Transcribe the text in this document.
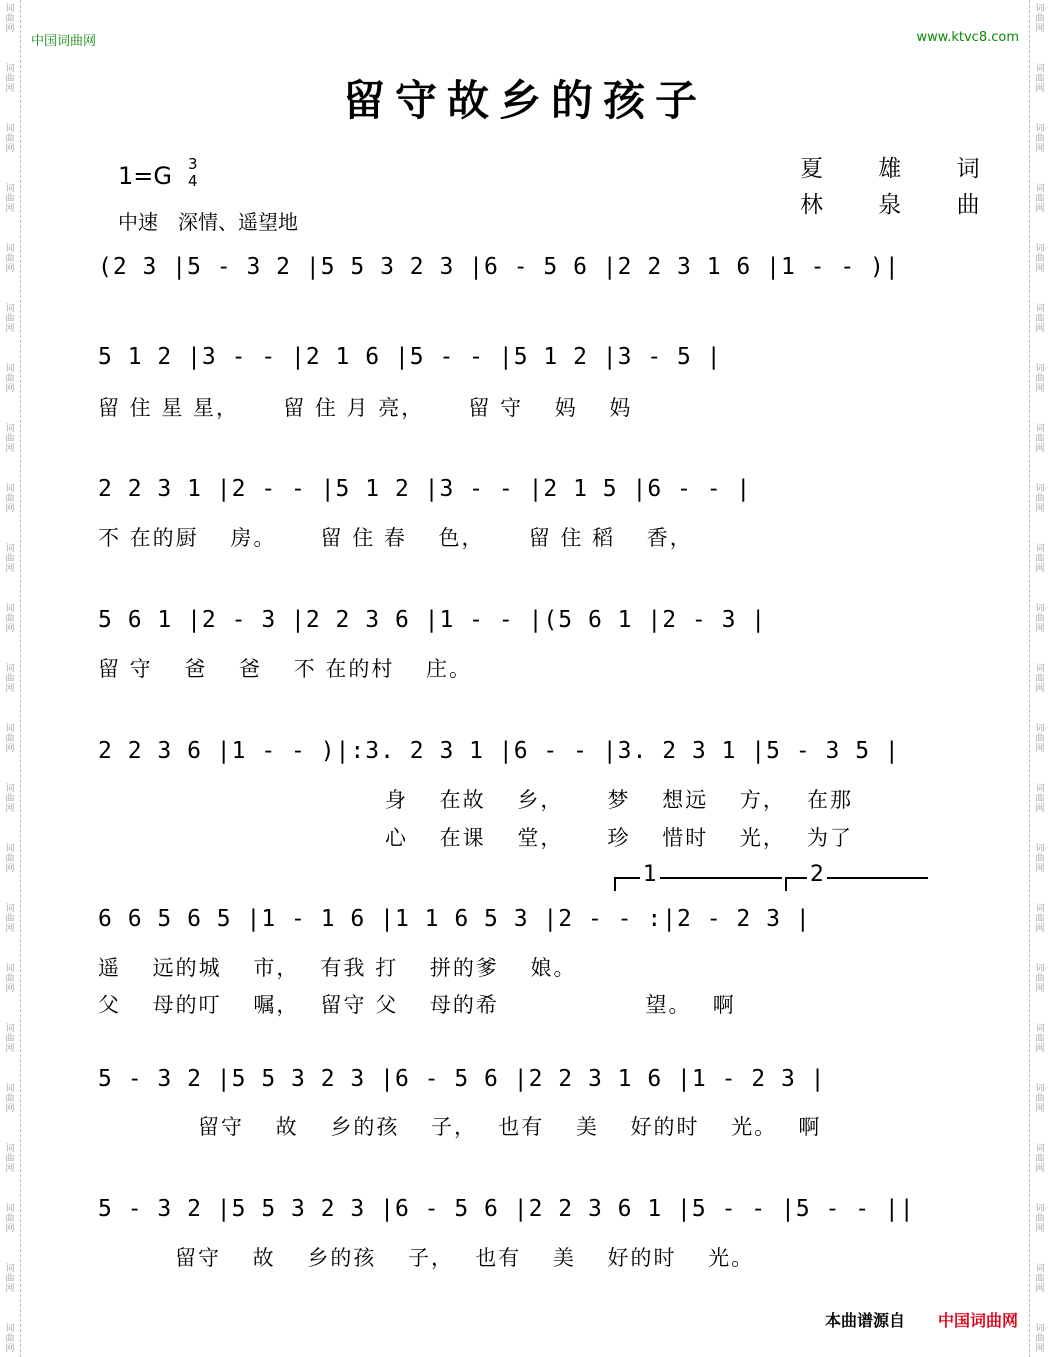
词
曲
网
词
曲
网
词
曲
网
词
曲
网
词
曲
网
词
曲
网
词
曲
网
词
曲
网
词
曲
网
词
曲
网
词
曲
网
词
曲
网
词
曲
网
词
曲
网
词
曲
网
词
曲
网
词
曲
网
词
曲
网
词
曲
网
词
曲
网
词
曲
网
词
曲
网
词
曲
网
词
曲
网
词
曲
网
词
曲
网
词
曲
网
词
曲
网
词
曲
网
词
曲
网
词
曲
网
词
曲
网
词
曲
网
词
曲
网
词
曲
网
词
曲
网
词
曲
网
词
曲
网
词
曲
网
词
曲
网
词
曲
网
词
曲
网
词
曲
网
词
曲
网
词
曲
网
词
曲
网
中国词曲网	www.ktvc8.com
留守故乡的孩子
1=G 3
4
中速　深情、遥望地
夏 雄 词
林 泉 曲
(2 3 |5 - 3 2 |5 5 3 2 3 |6 - 5 6 |2 2 3 1 6 |1 - - )|
5 1 2 |3 - - |2 1 6 |5 - - |5 1 2 |3 - 5 |
留 住 星 星，　　 留 住 月 亮，　　 留 守　 妈　 妈
2 2 3 1 |2 - - |5 1 2 |3 - - |2 1 5 |6 - - |
不 在的厨　 房。　　 留 住 春　 色，　　 留 住 稻　 香，
5 6 1 |2 - 3 |2 2 3 6 |1 - - |(5 6 1 |2 - 3 |
留 守　 爸　 爸　 不 在的村　 庄。
2 2 3 6 |1 - - )|:3. 2 3 1 |6 - - |3. 2 3 1 |5 - 3 5 |
身　 在故　 乡，　　 梦　 想远　 方，　 在那
心　 在课　 堂，　　 珍　 惜时　 光，　 为了
1	2
6 6 5 6 5 |1 - 1 6 |1 1 6 5 3 |2 - - :|2 - 2 3 |
遥　 远的城　 市，　 有我 打　 拼的爹　 娘。
父　 母的叮　 嘱，　 留守 父　 母的希　　　　　　 望。　 啊
5 - 3 2 |5 5 3 2 3 |6 - 5 6 |2 2 3 1 6 |1 - 2 3 |
留守　 故　 乡的孩　 子，　 也有　 美　 好的时　 光。　 啊
5 - 3 2 |5 5 3 2 3 |6 - 5 6 |2 2 3 6 1 |5 - - |5 - - ||
留守　 故　 乡的孩　 子，　 也有　 美　 好的时　 光。
本曲谱源自 中国词曲网
